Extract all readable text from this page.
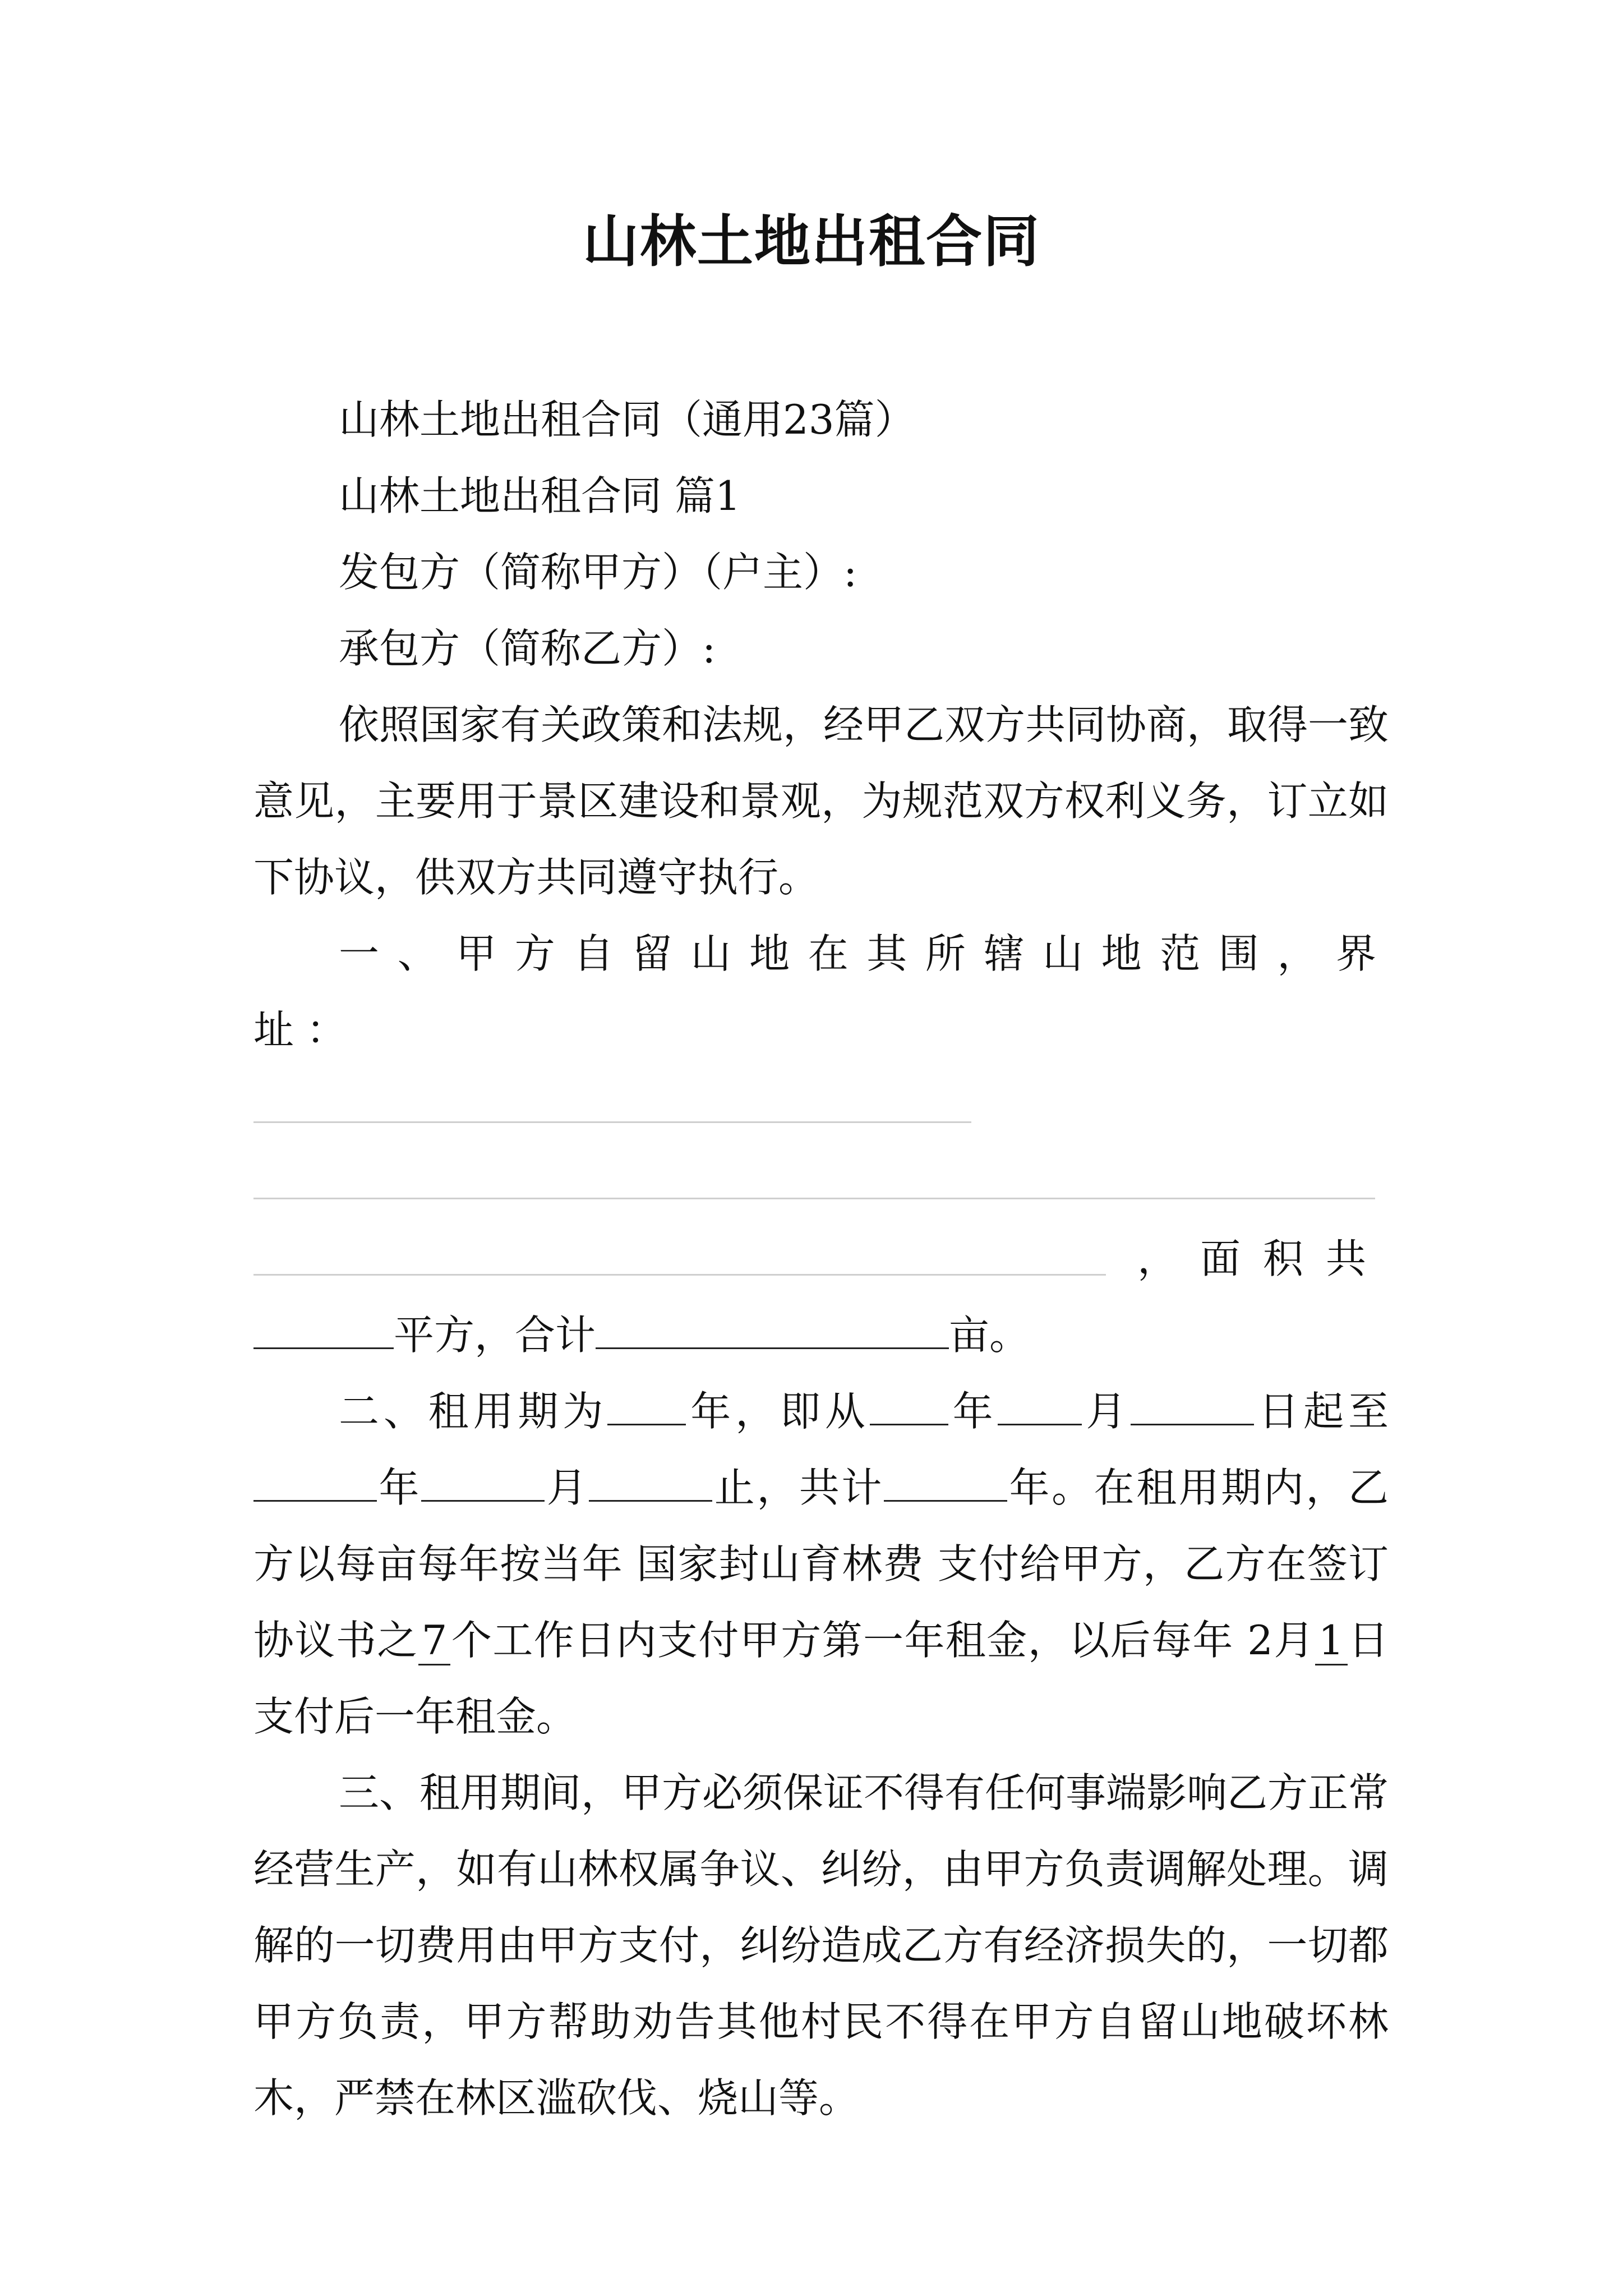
山林土地出租合同

山林土地出租合同（通用23篇）

山林土地出租合同 篇1

发包方（简称甲方）（户主）:

承包方（简称乙方）:

依照国家有关政策和法规，经甲乙双方共同协商，取得一致意见，主要用于景区建设和景观，为规范双方权利义务，订立如下协议，供双方共同遵守执行。

一、甲方自留山地在其所辖山地范围，界址：

，面积共

平方，合计	亩。

二、租用期为 年，即从 年 月	日起至年	月	止，共计	年。在租用期内，乙方以每亩每年按当年 国家封山育林费 支付给甲方，乙方在签订协议书之7个工作日内支付甲方第一年租金，以后每年 2月1日支付后一年租金。

三、租用期间，甲方必须保证不得有任何事端影响乙方正常经营生产，如有山林权属争议、纠纷，由甲方负责调解处理。调解的一切费用由甲方支付，纠纷造成乙方有经济损失的，一切都甲方负责，甲方帮助劝告其他村民不得在甲方自留山地破坏林木，严禁在林区滥砍伐、烧山等。
